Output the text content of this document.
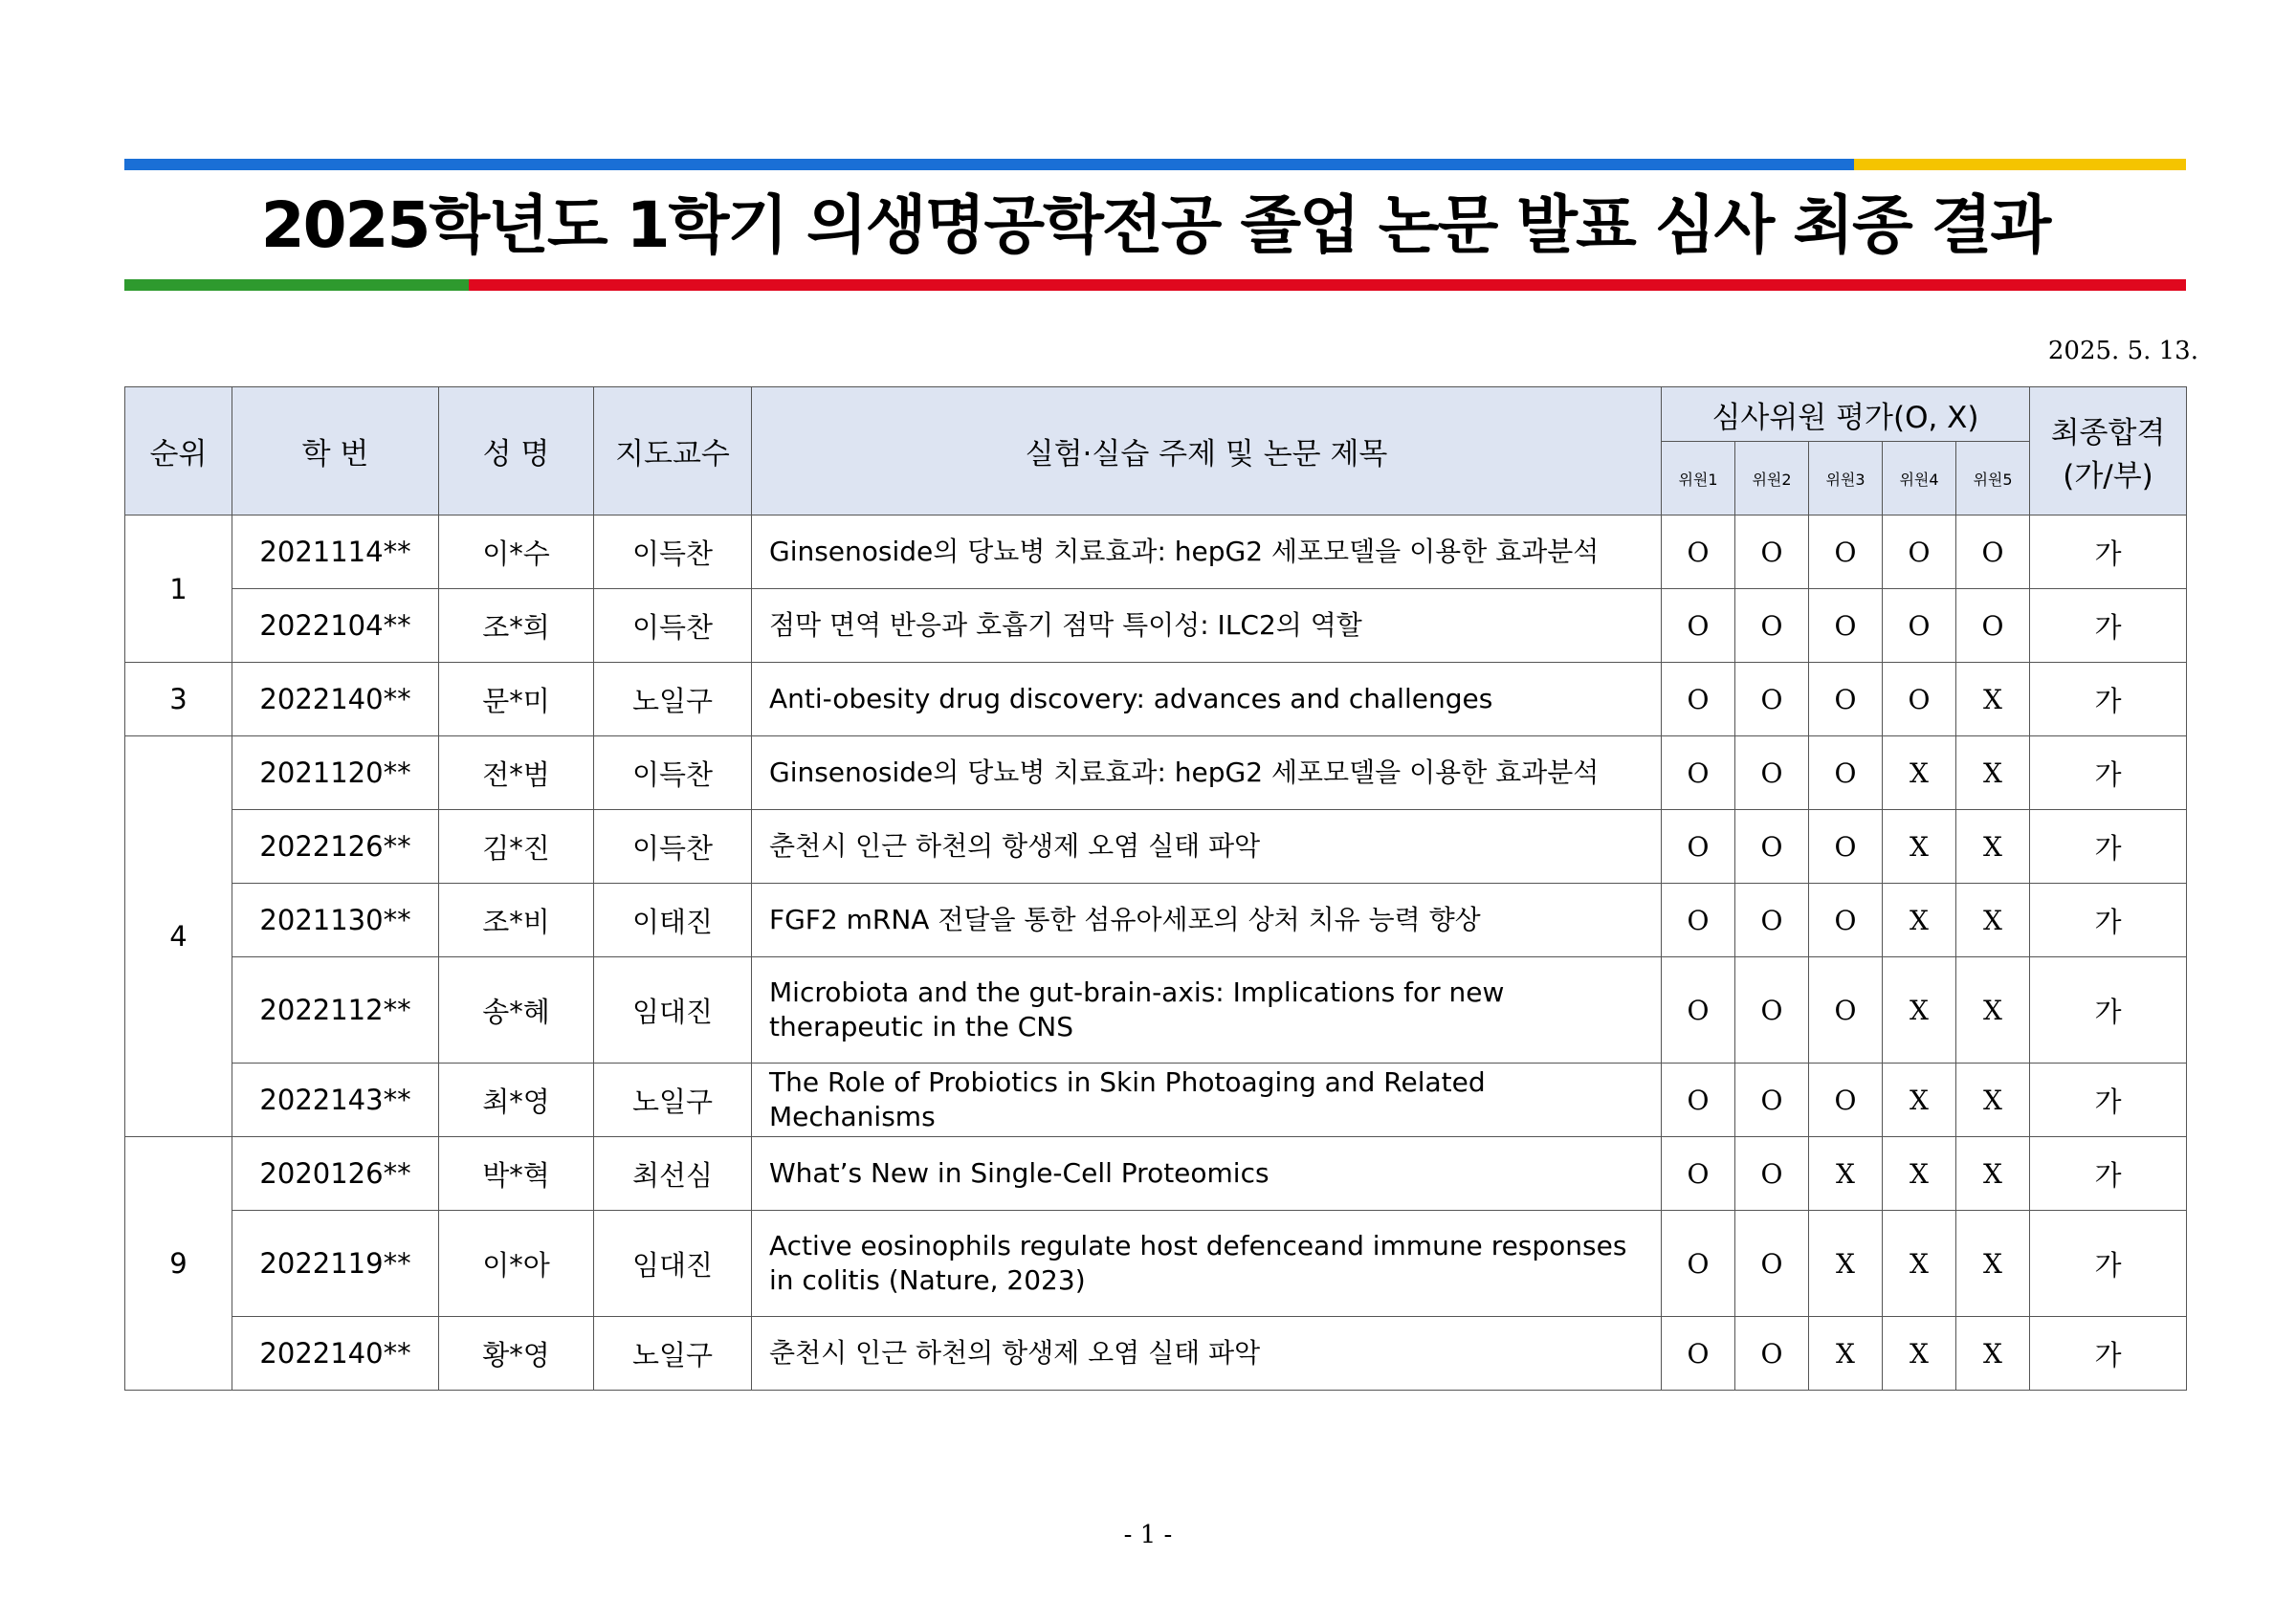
2025학년도 1학기 의생명공학전공 졸업 논문 발표 심사 최종 결과
2025. 5. 13.
순위	학 번	성 명	지도교수	실험·실습 주제 및 논문 제목	심사위원 평가(O, X)					최종합격
(가/부)

					위원1	위원2	위원3	위원4	위원5	
1	2021114**	이*수	이득찬	Ginsenoside의 당뇨병 치료효과: hepG2 세포모델을 이용한 효과분석	O	O	O	O	O	가
	2022104**	조*희	이득찬	점막 면역 반응과 호흡기 점막 특이성: ILC2의 역할	O	O	O	O	O	가
3	2022140**	문*미	노일구	Anti-obesity drug discovery: advances and challenges	O	O	O	O	X	가
4	2021120**	전*범	이득찬	Ginsenoside의 당뇨병 치료효과: hepG2 세포모델을 이용한 효과분석	O	O	O	X	X	가
	2022126**	김*진	이득찬	춘천시 인근 하천의 항생제 오염 실태 파악	O	O	O	X	X	가
	2021130**	조*비	이태진	FGF2 mRNA 전달을 통한 섬유아세포의 상처 치유 능력 향상	O	O	O	X	X	가
	2022112**	송*혜	임대진	Microbiota and the gut-brain-axis: Implications for new therapeutic in the CNS	O	O	O	X	X	가
	2022143**	최*영	노일구	The Role of Probiotics in Skin Photoaging and Related Mechanisms	O	O	O	X	X	가
9	2020126**	박*혁	최선심	What’s New in Single-Cell Proteomics	O	O	X	X	X	가
	2022119**	이*아	임대진	Active eosinophils regulate host defenceand immune responses in colitis (Nature, 2023)	O	O	X	X	X	가
	2022140**	황*영	노일구	춘천시 인근 하천의 항생제 오염 실태 파악	O	O	X	X	X	가
- 1 -
